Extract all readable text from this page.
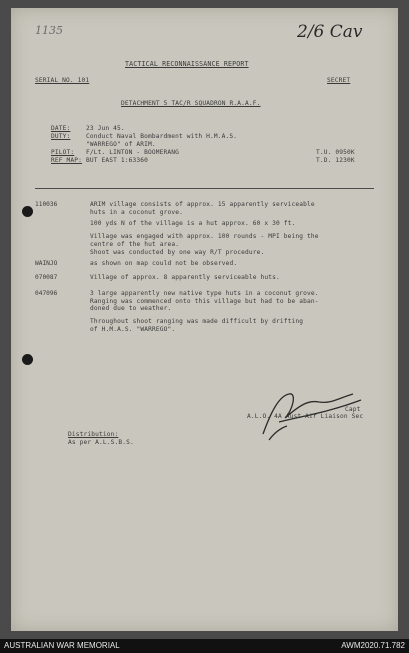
1135	2/6 Cav
TACTICAL RECONNAISSANCE REPORT
SERIAL NO. 101	SECRET
DETACHMENT 5 TAC/R SQUADRON R.A.A.F.
DATE:	23 Jun 45.
DUTY:	Conduct Naval Bombardment with H.M.A.S.
"WARREGO" of ARIM.
PILOT: F/Lt. LINTON - BOOMERANG	T.U. 0950K
REF MAP: BUT EAST 1:63360	T.D. 1230K
110036	ARIM village consists of approx. 15 apparently serviceable
huts in a coconut grove.
100 yds N of the village is a hut approx. 60 x 30 ft.
Village was engaged with approx. 100 rounds - MPI being the
centre of the hut area.
Shoot was conducted by one way R/T procedure.
WAINJO	as shown on map could not be observed.
070087	Village of approx. 8 apparently serviceable huts.
047096	3 large apparently new native type huts in a coconut grove.
Ranging was commenced onto this village but had to be aban-
doned due to weather.
Throughout shoot ranging was made difficult by drifting
of H.M.A.S. "WARREGO".
Capt
A.L.O. 4A Aust Air Liaison Sec
Distribution:
As per A.L.S.B.S.
AUSTRALIAN WAR MEMORIAL	AWM2020.71.782
